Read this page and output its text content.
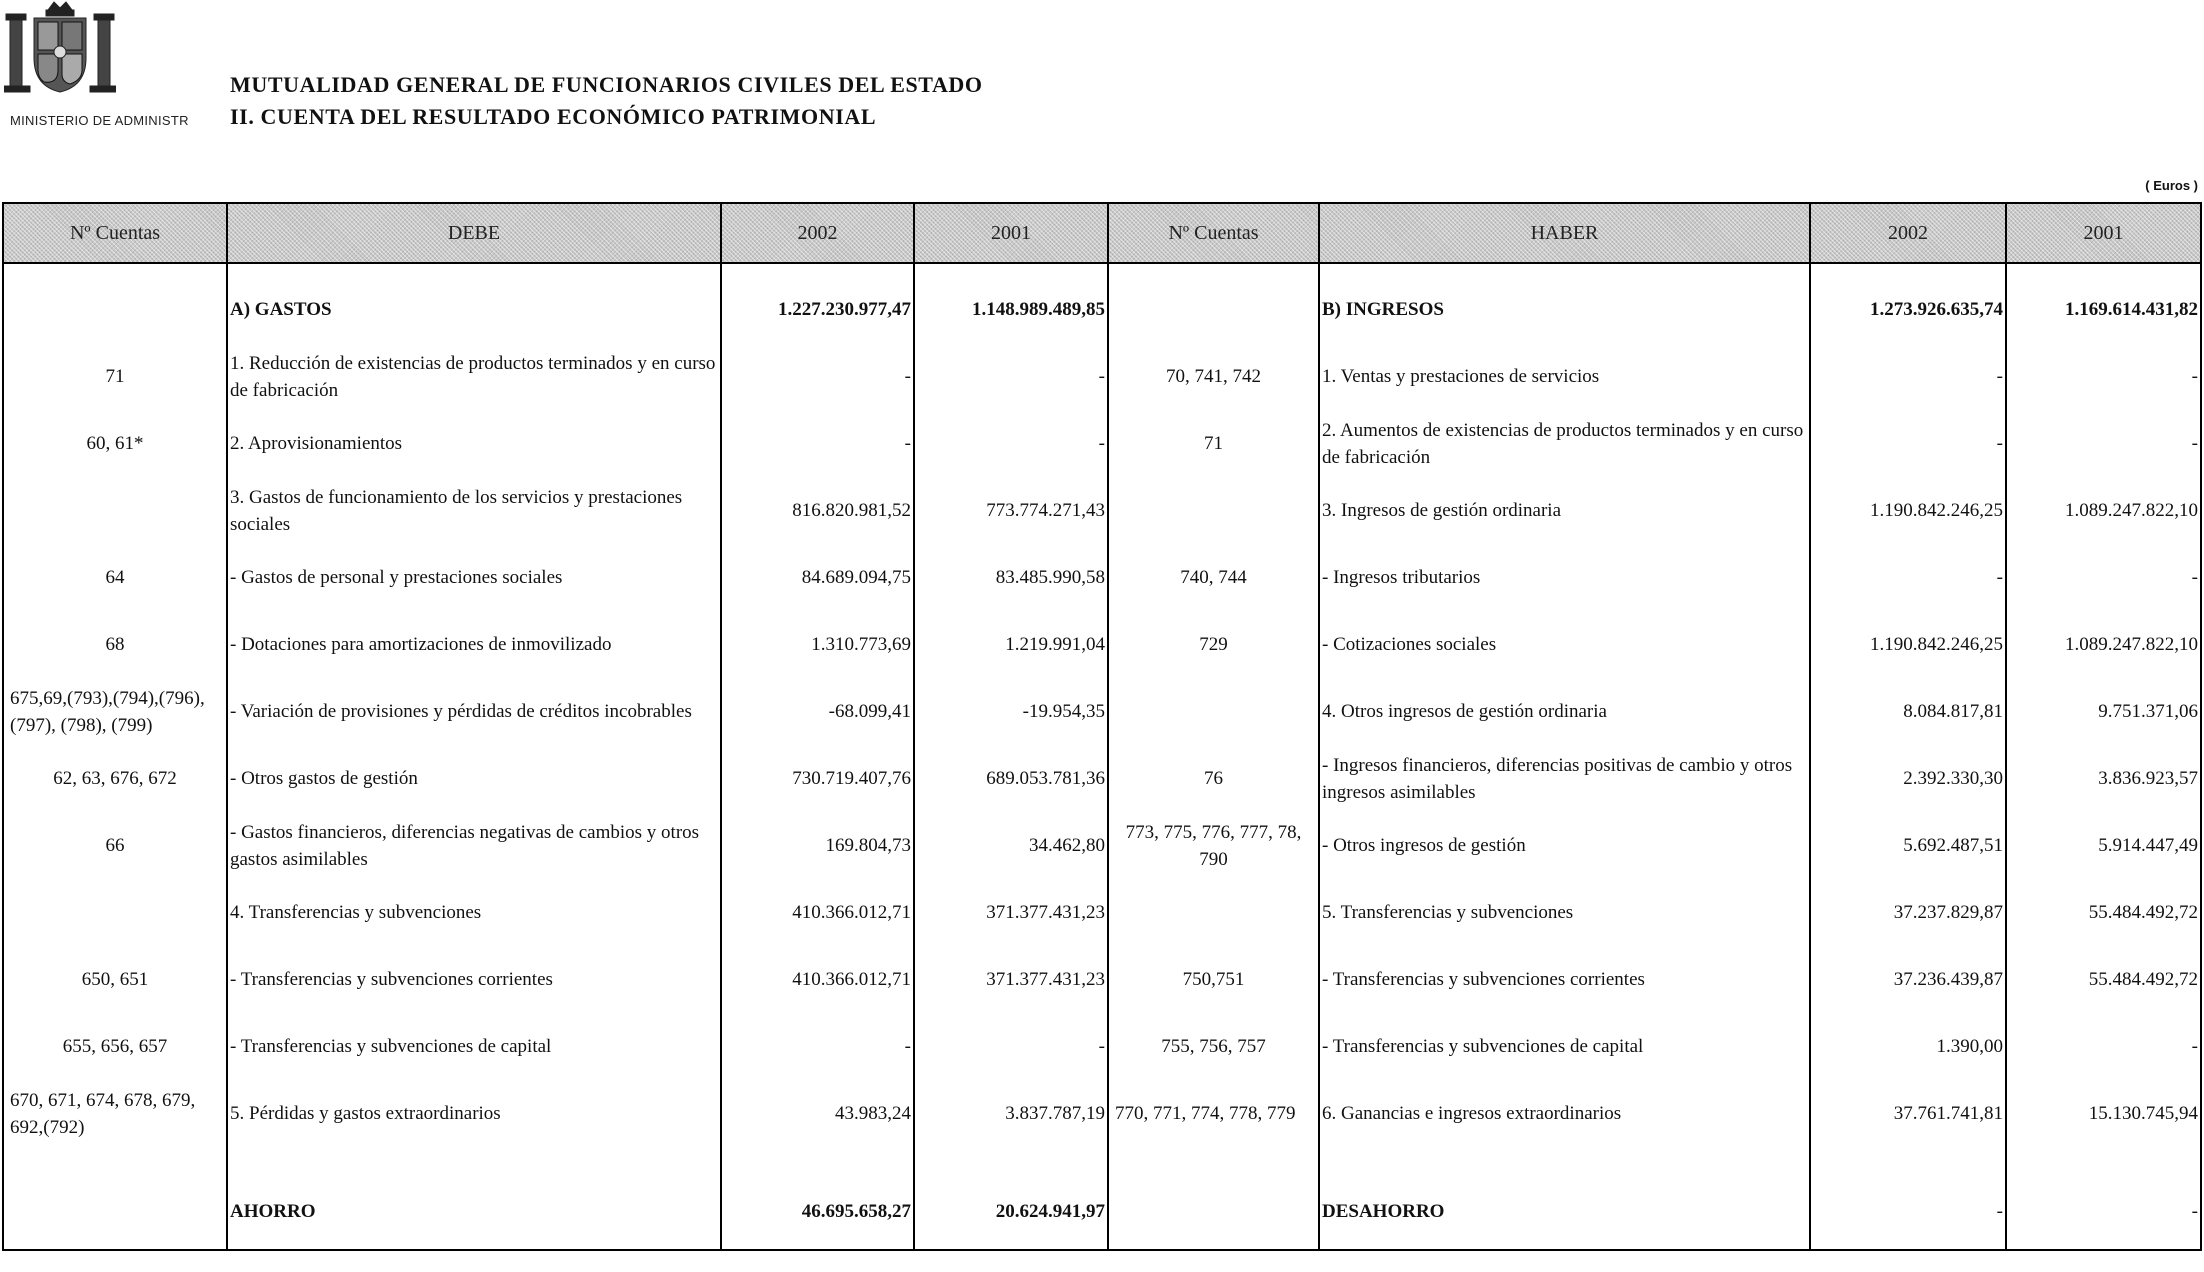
MINISTERIO DE ADMINISTR
MUTUALIDAD GENERAL DE FUNCIONARIOS CIVILES DEL ESTADO
II. CUENTA DEL RESULTADO ECONÓMICO PATRIMONIAL
( Euros )
Nº Cuentas	DEBE	2002	2001	Nº Cuentas	HABER	2002	2001

	A) GASTOS	1.227.230.977,47	1.148.989.489,85		B) INGRESOS	1.273.926.635,74	1.169.614.431,82
71	1. Reducción de existencias de productos terminados y en curso de fabricación	-	-	70, 741, 742	1. Ventas y prestaciones de servicios	-	-
60, 61*	2. Aprovisionamientos	-	-	71	2. Aumentos de existencias de productos terminados y en curso de fabricación	-	-
	3. Gastos de funcionamiento de los servicios y prestaciones sociales	816.820.981,52	773.774.271,43		3. Ingresos de gestión ordinaria	1.190.842.246,25	1.089.247.822,10
64	- Gastos de personal y prestaciones sociales	84.689.094,75	83.485.990,58	740, 744	- Ingresos tributarios	-	-
68	- Dotaciones para amortizaciones de inmovilizado	1.310.773,69	1.219.991,04	729	- Cotizaciones sociales	1.190.842.246,25	1.089.247.822,10
675,69,(793),(794),(796), (797), (798), (799)	- Variación de provisiones y pérdidas de créditos incobrables	-68.099,41	-19.954,35		4. Otros ingresos de gestión ordinaria	8.084.817,81	9.751.371,06
62, 63, 676, 672	- Otros gastos de gestión	730.719.407,76	689.053.781,36	76	- Ingresos financieros, diferencias positivas de cambio y otros ingresos asimilables	2.392.330,30	3.836.923,57
66	- Gastos financieros, diferencias negativas de cambios y otros gastos asimilables	169.804,73	34.462,80	773, 775, 776, 777, 78, 790	- Otros ingresos de gestión	5.692.487,51	5.914.447,49
	4. Transferencias y subvenciones	410.366.012,71	371.377.431,23		5. Transferencias y subvenciones	37.237.829,87	55.484.492,72
650, 651	- Transferencias y subvenciones corrientes	410.366.012,71	371.377.431,23	750,751	- Transferencias y subvenciones corrientes	37.236.439,87	55.484.492,72
655, 656, 657	- Transferencias y subvenciones de capital	-	-	755, 756, 757	- Transferencias y subvenciones de capital	1.390,00	-
670, 671, 674, 678, 679, 692,(792)	5. Pérdidas y gastos extraordinarios	43.983,24	3.837.787,19	770, 771, 774, 778, 779	6. Ganancias e ingresos extraordinarios	37.761.741,81	15.130.745,94

	AHORRO	46.695.658,27	20.624.941,97		DESAHORRO	-	-
